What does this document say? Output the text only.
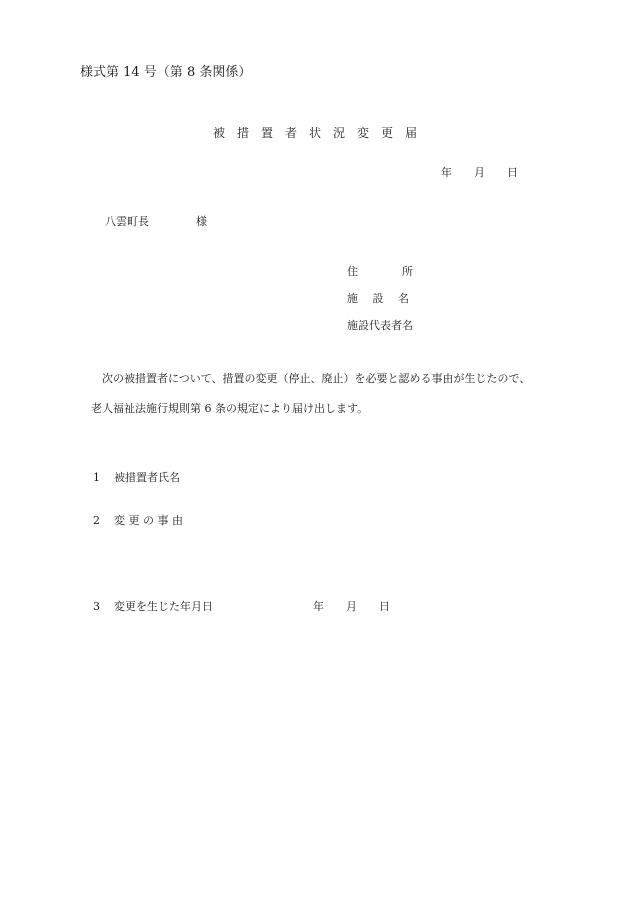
様式第 14 号（第 8 条関係）
被　措　置　者　状　況　変　更　届
年　　月　　日
八雲町長	様
住　　　　所
施　 設　 名
施設代表者名
次の被措置者について、措置の変更（停止、廃止）を必要と認める事由が生じたので、
老人福祉法施行規則第 6 条の規定により届け出します。
1 被措置者氏名
2 変 更 の 事 由
3 変更を生じた年月日	年　　月　　日
